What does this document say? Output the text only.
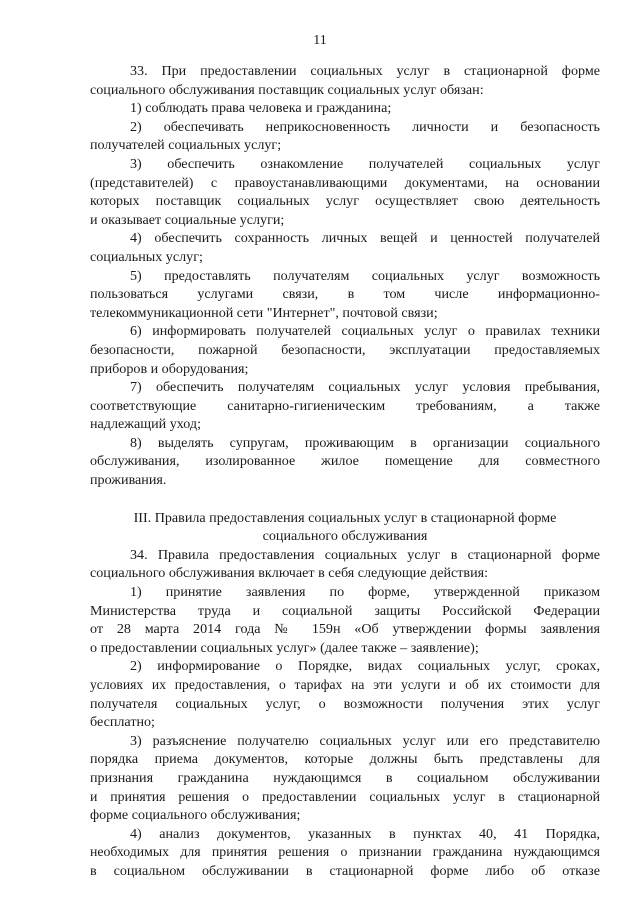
11
33. При предоставлении социальных услуг в стационарной форме
социального обслуживания поставщик социальных услуг обязан:
1) соблюдать права человека и гражданина;
2) обеспечивать неприкосновенность личности и безопасность
получателей социальных услуг;
3) обеспечить ознакомление получателей социальных услуг
(представителей) с правоустанавливающими документами, на основании
которых поставщик социальных услуг осуществляет свою деятельность
и оказывает социальные услуги;
4) обеспечить сохранность личных вещей и ценностей получателей
социальных услуг;
5) предоставлять получателям социальных услуг возможность
пользоваться услугами связи, в том числе информационно-
телекоммуникационной сети "Интернет", почтовой связи;
6) информировать получателей социальных услуг о правилах техники
безопасности, пожарной безопасности, эксплуатации предоставляемых
приборов и оборудования;
7) обеспечить получателям социальных услуг условия пребывания,
соответствующие санитарно-гигиеническим требованиям, а также
надлежащий уход;
8) выделять супругам, проживающим в организации социального
обслуживания, изолированное жилое помещение для совместного
проживания.
III. Правила предоставления социальных услуг в стационарной форме
социального обслуживания
34. Правила предоставления социальных услуг в стационарной форме
социального обслуживания включает в себя следующие действия:
1) принятие заявления по форме, утвержденной приказом
Министерства труда и социальной защиты Российской Федерации
от 28 марта 2014 года № 159н «Об утверждении формы заявления
о предоставлении социальных услуг» (далее также – заявление);
2) информирование о Порядке, видах социальных услуг, сроках,
условиях их предоставления, о тарифах на эти услуги и об их стоимости для
получателя социальных услуг, о возможности получения этих услуг
бесплатно;
3) разъяснение получателю социальных услуг или его представителю
порядка приема документов, которые должны быть представлены для
признания гражданина нуждающимся в социальном обслуживании
и принятия решения о предоставлении социальных услуг в стационарной
форме социального обслуживания;
4) анализ документов, указанных в пунктах 40, 41 Порядка,
необходимых для принятия решения о признании гражданина нуждающимся
в социальном обслуживании в стационарной форме либо об отказе
